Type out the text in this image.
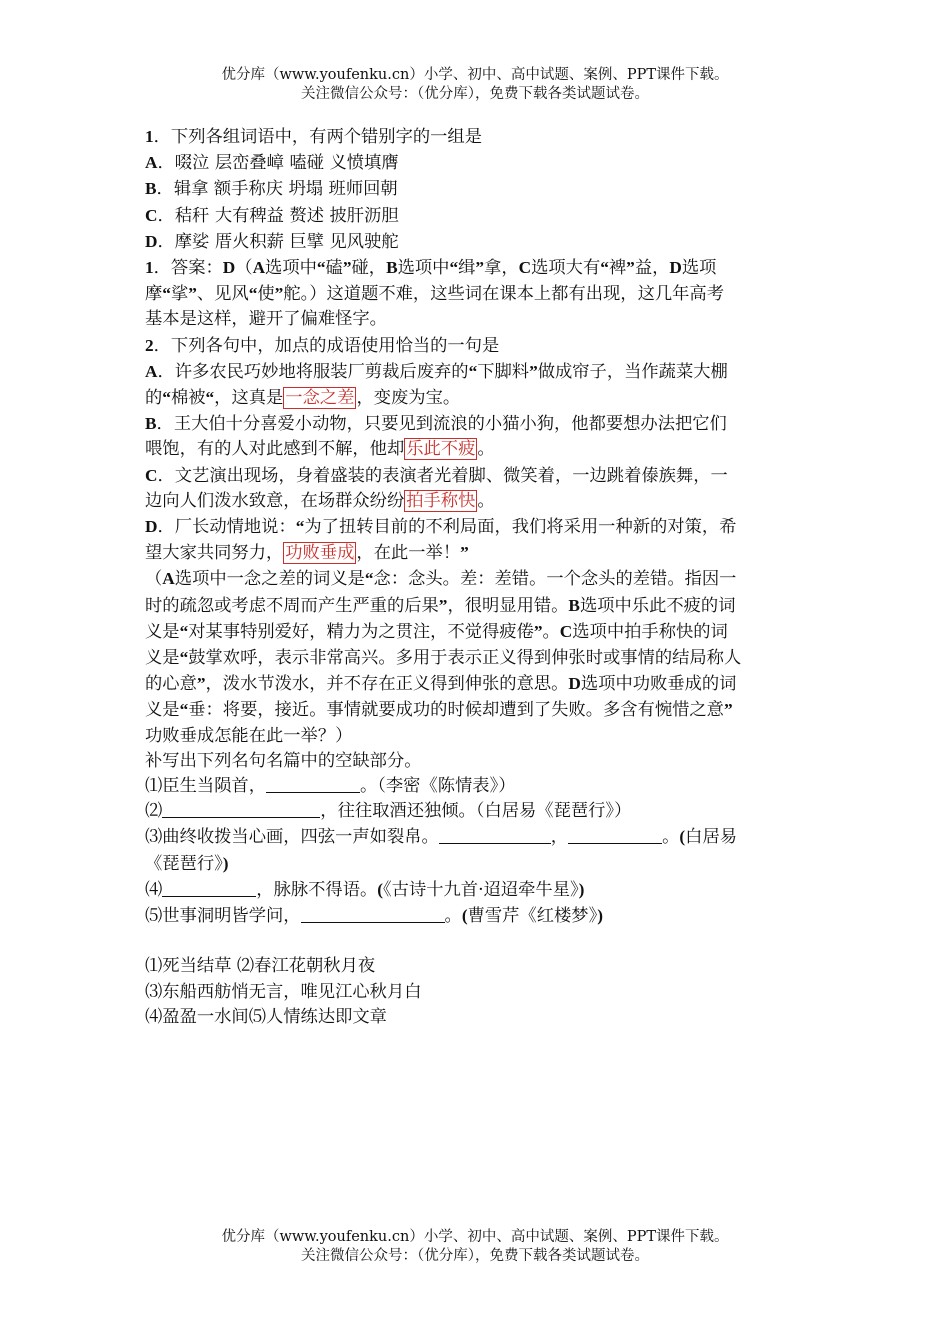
优分库（www.youfenku.cn）小学、初中、高中试题、案例、PPT课件下载。
关注微信公众号：（优分库），免费下载各类试题试卷。
1．下列各组词语中，有两个错别字的一组是
A．啜泣 层峦叠嶂 嗑碰 义愤填膺
B．辑拿 额手称庆 坍塌 班师回朝
C．秸秆 大有稗益 赘述 披肝沥胆
D．摩娑 厝火积薪 巨擘 见风驶舵
1．答案：D（A选项中“磕”碰，B选项中“缉”拿，C选项大有“裨”益，D选项
摩“挲”、见风“使”舵。）这道题不难，这些词在课本上都有出现，这几年高考
基本是这样，避开了偏难怪字。
2．下列各句中，加点的成语使用恰当的一句是
A．许多农民巧妙地将服装厂剪裁后废弃的“下脚料”做成帘子，当作蔬菜大棚
的“棉被“，这真是 一念之差 ，变废为宝。
B．王大伯十分喜爱小动物，只要见到流浪的小猫小狗，他都要想办法把它们
喂饱，有的人对此感到不解，他却 乐此不疲 。
C．文艺演出现场，身着盛装的表演者光着脚、微笑着，一边跳着傣族舞，一
边向人们泼水致意，在场群众纷纷 拍手称快 。
D．厂长动情地说：“为了扭转目前的不利局面，我们将采用一种新的对策，希
望大家共同努力， 功败垂成 ，在此一举！”
（A选项中一念之差的词义是“念：念头。差：差错。一个念头的差错。指因一
时的疏忽或考虑不周而产生严重的后果”，很明显用错。B选项中乐此不疲的词
义是“对某事特别爱好，精力为之贯注，不觉得疲倦”。C选项中拍手称快的词
义是“鼓掌欢呼，表示非常高兴。多用于表示正义得到伸张时或事情的结局称人
的心意”，泼水节泼水，并不存在正义得到伸张的意思。D选项中功败垂成的词
义是“垂：将要，接近。事情就要成功的时候却遭到了失败。多含有惋惜之意”
功败垂成怎能在此一举？）
补写出下列名句名篇中的空缺部分。
⑴臣生当陨首，	。（李密《陈情表》）
⑵	，往往取酒还独倾。（白居易《琵琶行》）
⑶曲终收拨当心画，四弦一声如裂帛。	，	。(白居易
《琵琶行》)
⑷	，脉脉不得语。(《古诗十九首·迢迢牵牛星》)
⑸世事洞明皆学问，	。(曹雪芹《红楼梦》)
⑴死当结草 ⑵春江花朝秋月夜
⑶东船西舫悄无言，唯见江心秋月白
⑷盈盈一水间⑸人情练达即文章
优分库（www.youfenku.cn）小学、初中、高中试题、案例、PPT课件下载。
关注微信公众号：（优分库），免费下载各类试题试卷。
